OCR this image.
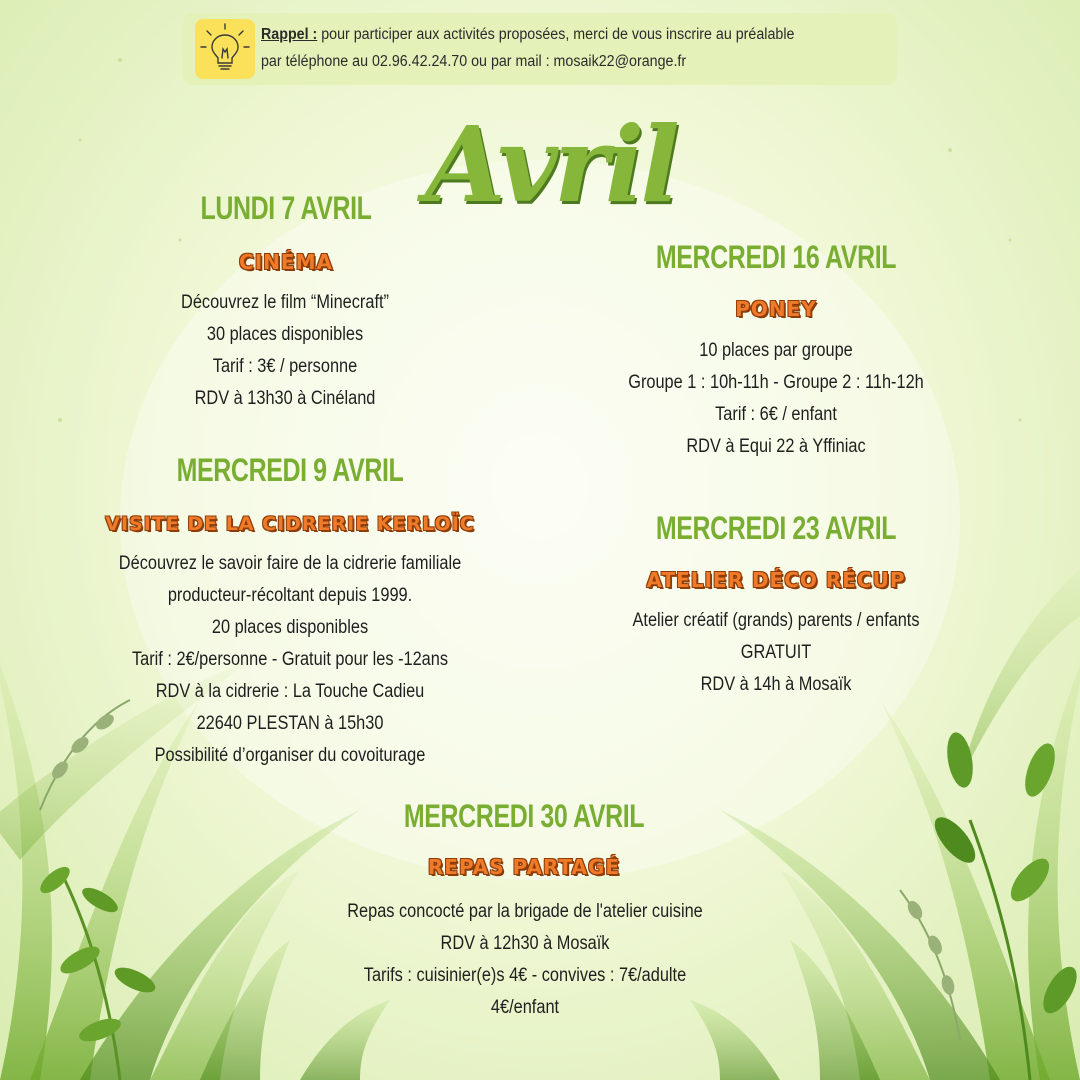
Rappel : pour participer aux activités proposées, merci de vous inscrire au préalable
par téléphone au 02.96.42.24.70 ou par mail : mosaik22@orange.fr
Avril
LUNDI 7 AVRIL
CINÉMA
Découvrez le film “Minecraft”
30 places disponibles
Tarif : 3€ / personne
RDV à 13h30 à Cinéland
MERCREDI 9 AVRIL
VISITE DE LA CIDRERIE KERLOÏC
Découvrez le savoir faire de la cidrerie familiale
producteur-récoltant depuis 1999.
20 places disponibles
Tarif : 2€/personne - Gratuit pour les -12ans
RDV à la cidrerie : La Touche Cadieu
22640 PLESTAN à 15h30
Possibilité d’organiser du covoiturage
MERCREDI 16 AVRIL
PONEY
10 places par groupe
Groupe 1 : 10h-11h - Groupe 2 : 11h-12h
Tarif : 6€ / enfant
RDV à Equi 22 à Yffiniac
MERCREDI 23 AVRIL
ATELIER DÉCO RÉCUP
Atelier créatif (grands) parents / enfants
GRATUIT
RDV à 14h à Mosaïk
MERCREDI 30 AVRIL
REPAS PARTAGÉ
Repas concocté par la brigade de l'atelier cuisine
RDV à 12h30 à Mosaïk
Tarifs : cuisinier(e)s 4€ - convives : 7€/adulte
4€/enfant
